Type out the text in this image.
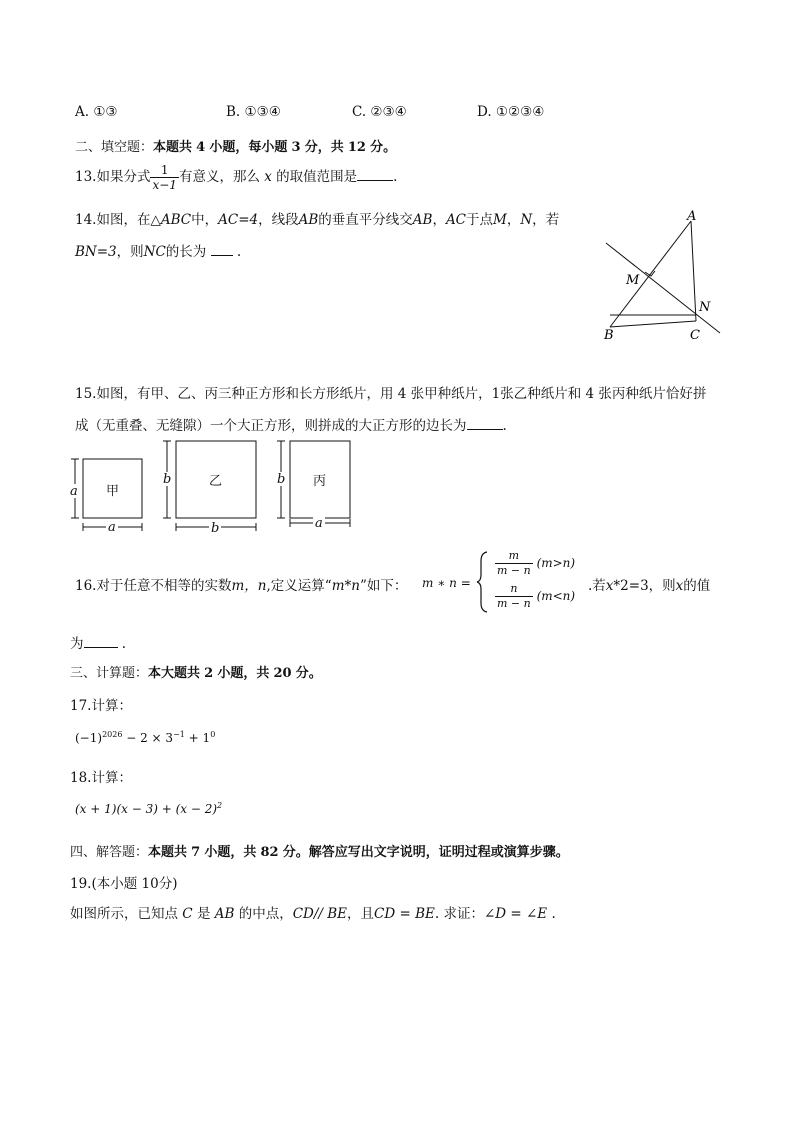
A. ①③	B. ①③④	C. ②③④	D. ①②③④
二、填空题：本题共 4 小题，每小题 3 分，共 12 分。
13.如果分式 $\frac{1}{x-1}$ 有意义，那么 x 的取值范围是	.
14.如图，在△ABC中，AC=4，线段AB的垂直平分线交AB，AC于点M，N，若
BN=3，则NC的长为 .
A
M
N
B	C
15.如图，有甲、乙、丙三种正方形和长方形纸片，用 4 张甲种纸片，1张乙种纸片和 4 张丙种纸片恰好拼
成（无重叠、无缝隙）一个大正方形，则拼成的大正方形的边长为	.
甲
乙	丙
a
a
b
b
b
a
16.对于任意不相等的实数m，n,定义运算“m*n”如下： m ∗ n =
$\frac{m}{m - n} (m>n)$
$\frac{n}{m - n} (m<n)$
.若x*2=3，则x的值
为	.
三、计算题：本大题共 2 小题，共 20 分。
17.计算：
$(-1)^{2026} - 2 \times 3^{-1} + 1^0$
18.计算：
$(x + 1)(x - 3) + (x - 2)^2$
四、解答题：本题共 7 小题，共 82 分。解答应写出文字说明，证明过程或演算步骤。
19.(本小题 10分)
如图所示，已知点 C 是 AB 的中点，CD// BE，且CD = BE. 求证：∠D = ∠E .
